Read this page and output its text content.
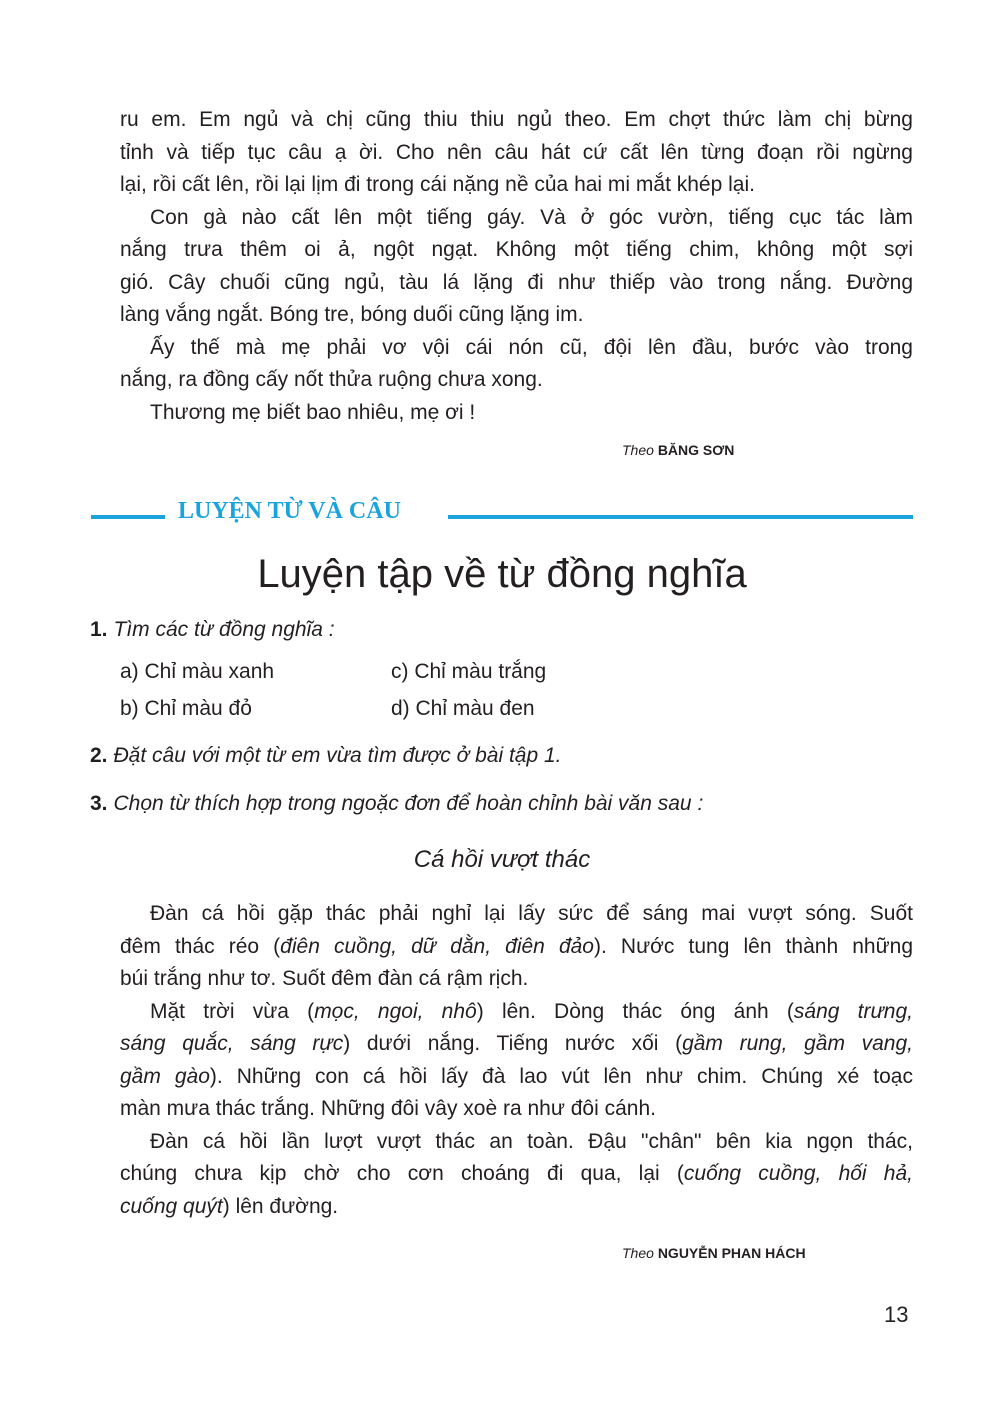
ru em. Em ngủ và chị cũng thiu thiu ngủ theo. Em chợt thức làm chị bừng
tỉnh và tiếp tục câu ạ ời. Cho nên câu hát cứ cất lên từng đoạn rồi ngừng
lại, rồi cất lên, rồi lại lịm đi trong cái nặng nề của hai mi mắt khép lại.
Con gà nào cất lên một tiếng gáy. Và ở góc vườn, tiếng cục tác làm
nắng trưa thêm oi ả, ngột ngạt. Không một tiếng chim, không một sợi
gió. Cây chuối cũng ngủ, tàu lá lặng đi như thiếp vào trong nắng. Đường
làng vắng ngắt. Bóng tre, bóng duối cũng lặng im.
Ấy thế mà mẹ phải vơ vội cái nón cũ, đội lên đầu, bước vào trong
nắng, ra đồng cấy nốt thửa ruộng chưa xong.
Thương mẹ biết bao nhiêu, mẹ ơi !
Theo BĂNG SƠN
LUYỆN TỪ VÀ CÂU
Luyện tập về từ đồng nghĩa
1. Tìm các từ đồng nghĩa :
a) Chỉ màu xanh
b) Chỉ màu đỏ
c) Chỉ màu trắng
d) Chỉ màu đen
2. Đặt câu với một từ em vừa tìm được ở bài tập 1.
3. Chọn từ thích hợp trong ngoặc đơn để hoàn chỉnh bài văn sau :
Cá hồi vượt thác
Đàn cá hồi gặp thác phải nghỉ lại lấy sức để sáng mai vượt sóng. Suốt
đêm thác réo (điên cuồng, dữ dằn, điên đảo). Nước tung lên thành những
búi trắng như tơ. Suốt đêm đàn cá rậm rịch.
Mặt trời vừa (mọc, ngoi, nhô) lên. Dòng thác óng ánh (sáng trưng,
sáng quắc, sáng rực) dưới nắng. Tiếng nước xối (gầm rung, gầm vang,
gầm gào). Những con cá hồi lấy đà lao vút lên như chim. Chúng xé toạc
màn mưa thác trắng. Những đôi vây xoè ra như đôi cánh.
Đàn cá hồi lần lượt vượt thác an toàn. Đậu "chân" bên kia ngọn thác,
chúng chưa kịp chờ cho cơn choáng đi qua, lại (cuống cuồng, hối hả,
cuống quýt) lên đường.
Theo NGUYỄN PHAN HÁCH
13
